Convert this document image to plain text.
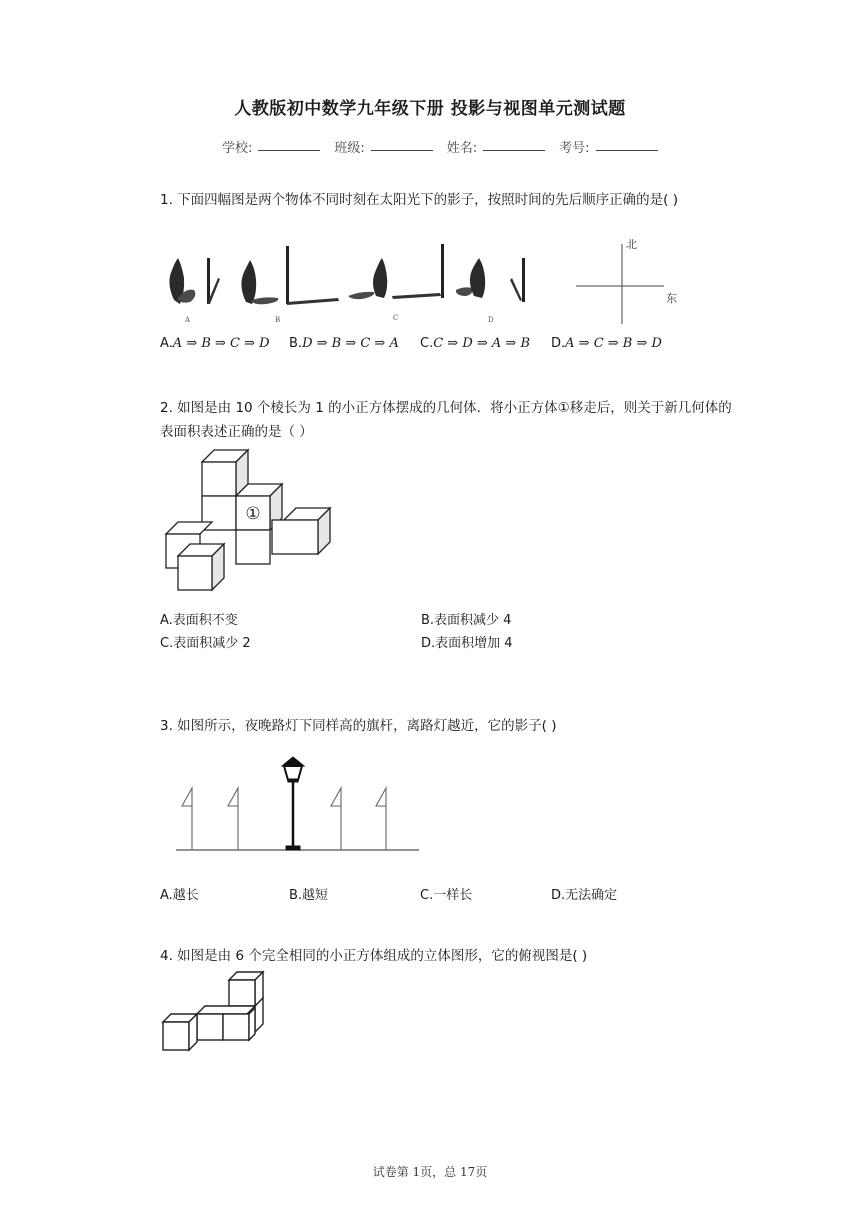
人教版初中数学九年级下册 投影与视图单元测试题
学校:	班级:	姓名:	考号:
1. 下面四幅图是两个物体不同时刻在太阳光下的影子，按照时间的先后顺序正确的是( )
A	B	C	D
北
东
A.A ⇒ B ⇒ C ⇒ D B.D ⇒ B ⇒ C ⇒ A C.C ⇒ D ⇒ A ⇒ B D.A ⇒ C ⇒ B ⇒ D
2. 如图是由 10 个棱长为 1 的小正方体摆成的几何体．将小正方体①移走后，则关于新几何体的表面积表述正确的是（ ）
①
A.表面积不变	B.表面积减少 4
C.表面积减少 2	D.表面积增加 4
3. 如图所示，夜晚路灯下同样高的旗杆，离路灯越近，它的影子( )
A.越长	B.越短	C.一样长	D.无法确定
4. 如图是由 6 个完全相同的小正方体组成的立体图形，它的俯视图是( )
试卷第 1页，总 17页
